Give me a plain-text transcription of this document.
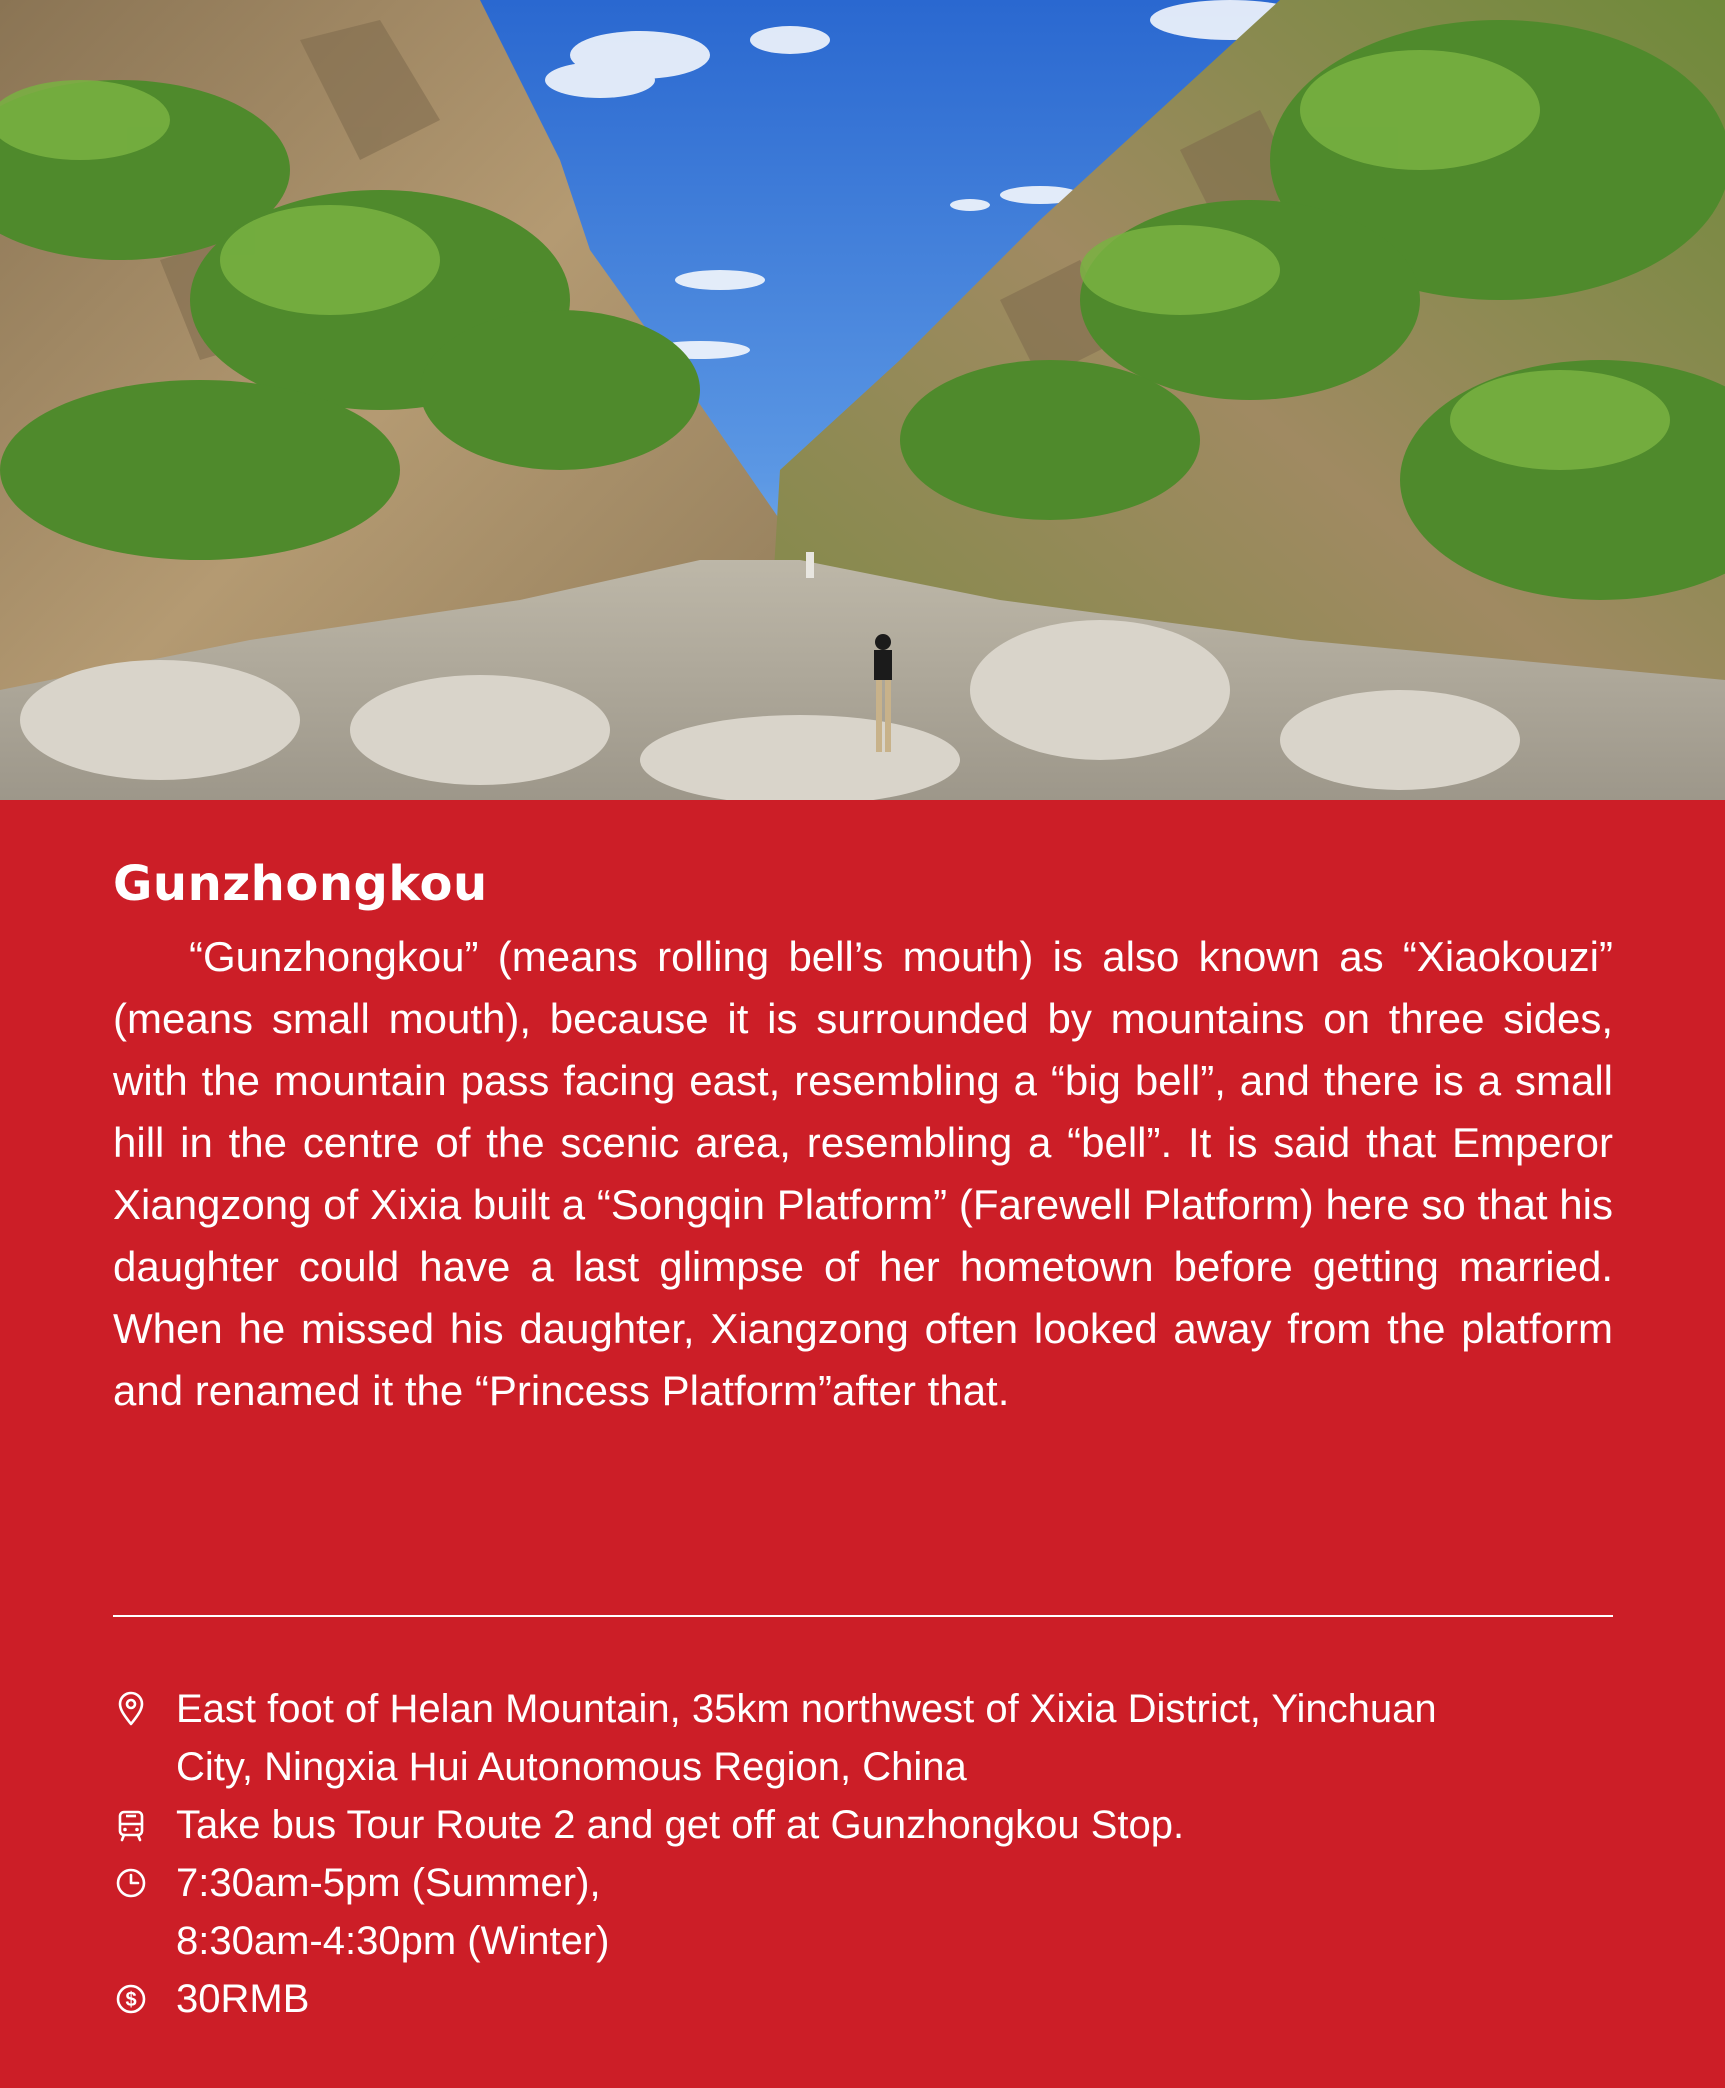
Gunzhongkou

“Gunzhongkou” (means rolling bell’s mouth) is also known as “Xiaokouzi” (means small mouth), because it is surrounded by mountains on three sides, with the mountain pass facing east, resembling a “big bell”, and there is a small hill in the centre of the scenic area, resembling a “bell”. It is said that Emperor Xiangzong of Xixia built a “Songqin Platform” (Farewell Platform) here so that his daughter could have a last glimpse of her hometown before getting married. When he missed his daughter, Xiangzong often looked away from the platform and renamed it the “Princess Platform”after that.

East foot of Helan Mountain, 35km northwest of Xixia District, Yinchuan
City, Ningxia Hui Autonomous Region, China
Take bus Tour Route 2 and get off at Gunzhongkou Stop.
7:30am-5pm (Summer),
8:30am-4:30pm (Winter)
$ 30RMB
